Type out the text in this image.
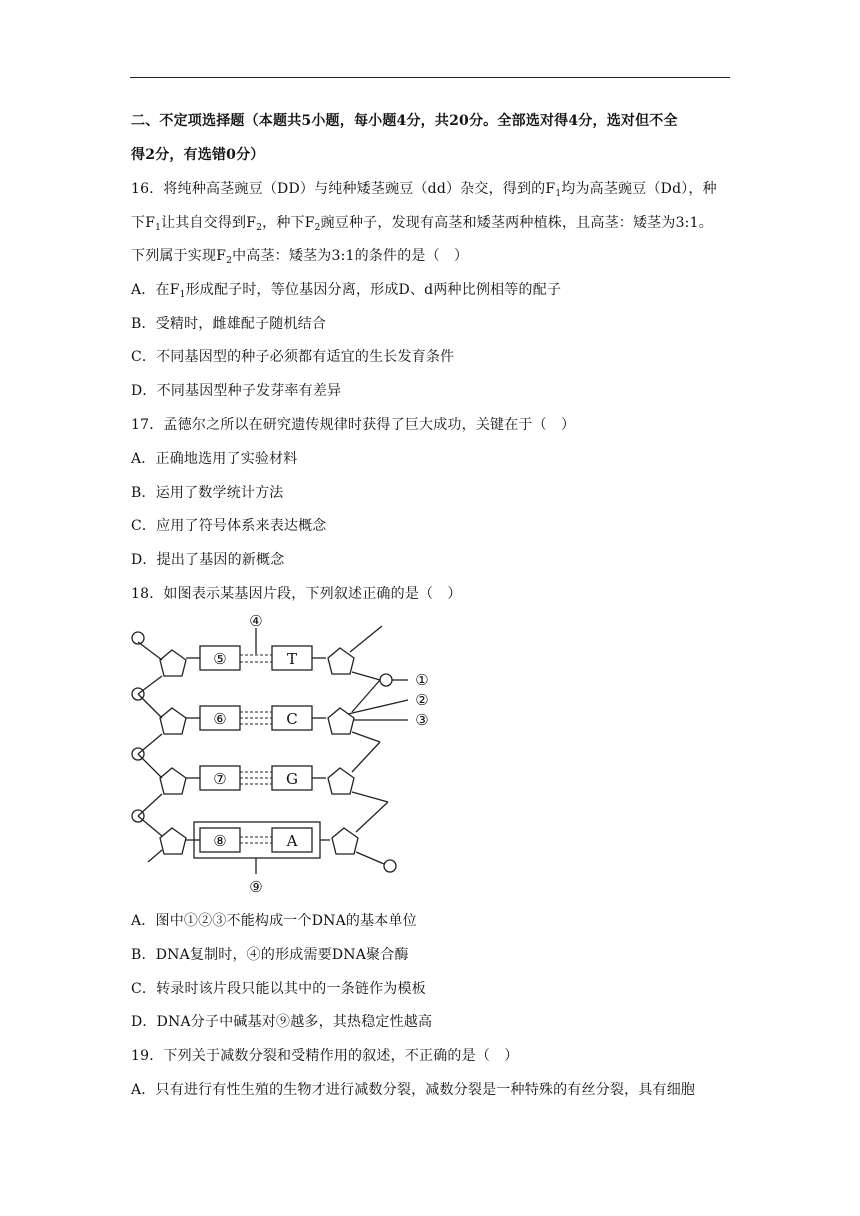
二、不定项选择题（本题共5小题，每小题4分，共20分。全部选对得4分，选对但不全
得2分，有选错0分）
16．将纯种高茎豌豆（DD）与纯种矮茎豌豆（dd）杂交，得到的$F_1$均为高茎豌豆（Dd），种
下$F_1$让其自交得到$F_2$，种下$F_2$豌豆种子，发现有高茎和矮茎两种植株，且高茎：矮茎为3:1。
下列属于实现$F_2$中高茎：矮茎为3:1的条件的是（　）
A．在$F_1$形成配子时，等位基因分离，形成D、d两种比例相等的配子
B．受精时，雌雄配子随机结合
C．不同基因型的种子必须都有适宜的生长发育条件
D．不同基因型种子发芽率有差异
17．孟德尔之所以在研究遗传规律时获得了巨大成功，关键在于（　）
A．正确地选用了实验材料
B．运用了数学统计方法
C．应用了符号体系来表达概念
D．提出了基因的新概念
18．如图表示某基因片段，下列叙述正确的是（　）
⑤
⑥
⑦
⑧
T
C
G
A
④
①
②
③
⑨
A．图中①②③不能构成一个DNA的基本单位
B．DNA复制时，④的形成需要DNA聚合酶
C．转录时该片段只能以其中的一条链作为模板
D．DNA分子中碱基对⑨越多，其热稳定性越高
19．下列关于减数分裂和受精作用的叙述，不正确的是（　）
A．只有进行有性生殖的生物才进行减数分裂，减数分裂是一种特殊的有丝分裂，具有细胞
